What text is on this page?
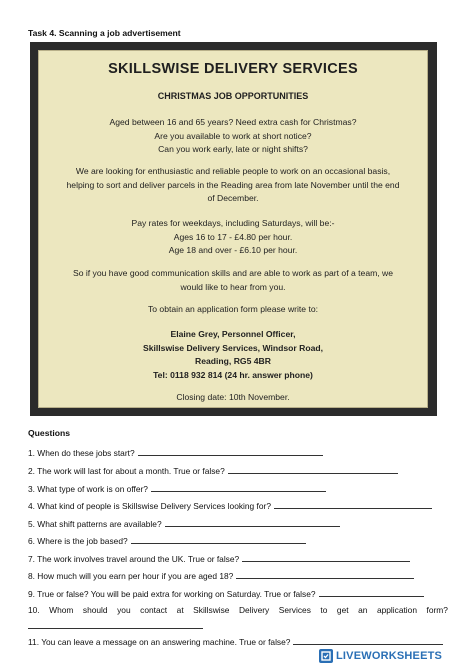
Task 4. Scanning a job advertisement

SKILLSWISE DELIVERY SERVICES

CHRISTMAS JOB OPPORTUNITIES

Aged between 16 and 65 years? Need extra cash for Christmas?

Are you available to work at short notice?

Can you work early, late or night shifts?

We are looking for enthusiastic and reliable people to work on an occasional basis,

helping to sort and deliver parcels in the Reading area from late November until the end

of December.

Pay rates for weekdays, including Saturdays, will be:-

Ages 16 to 17 - £4.80 per hour.

Age 18 and over - £6.10 per hour.

So if you have good communication skills and are able to work as part of a team, we

would like to hear from you.

To obtain an application form please write to:

Elaine Grey, Personnel Officer,

Skillswise Delivery Services, Windsor Road,

Reading, RG5 4BR

Tel: 0118 932 814 (24 hr. answer phone)

Closing date: 10th November.

Questions
1. When do these jobs start?
2. The work will last for about a month. True or false?
3. What type of work is on offer?
4. What kind of people is Skillswise Delivery Services looking for?
5. What shift patterns are available?
6. Where is the job based?
7. The work involves travel around the UK. True or false?
8. How much will you earn per hour if you are aged 18?
9. True or false? You will be paid extra for working on Saturday. True or false?
10. Whom should you contact at Skillswise Delivery Services to get an application form?
11. You can leave a message on an answering machine. True or false?
LIVEWORKSHEETS
